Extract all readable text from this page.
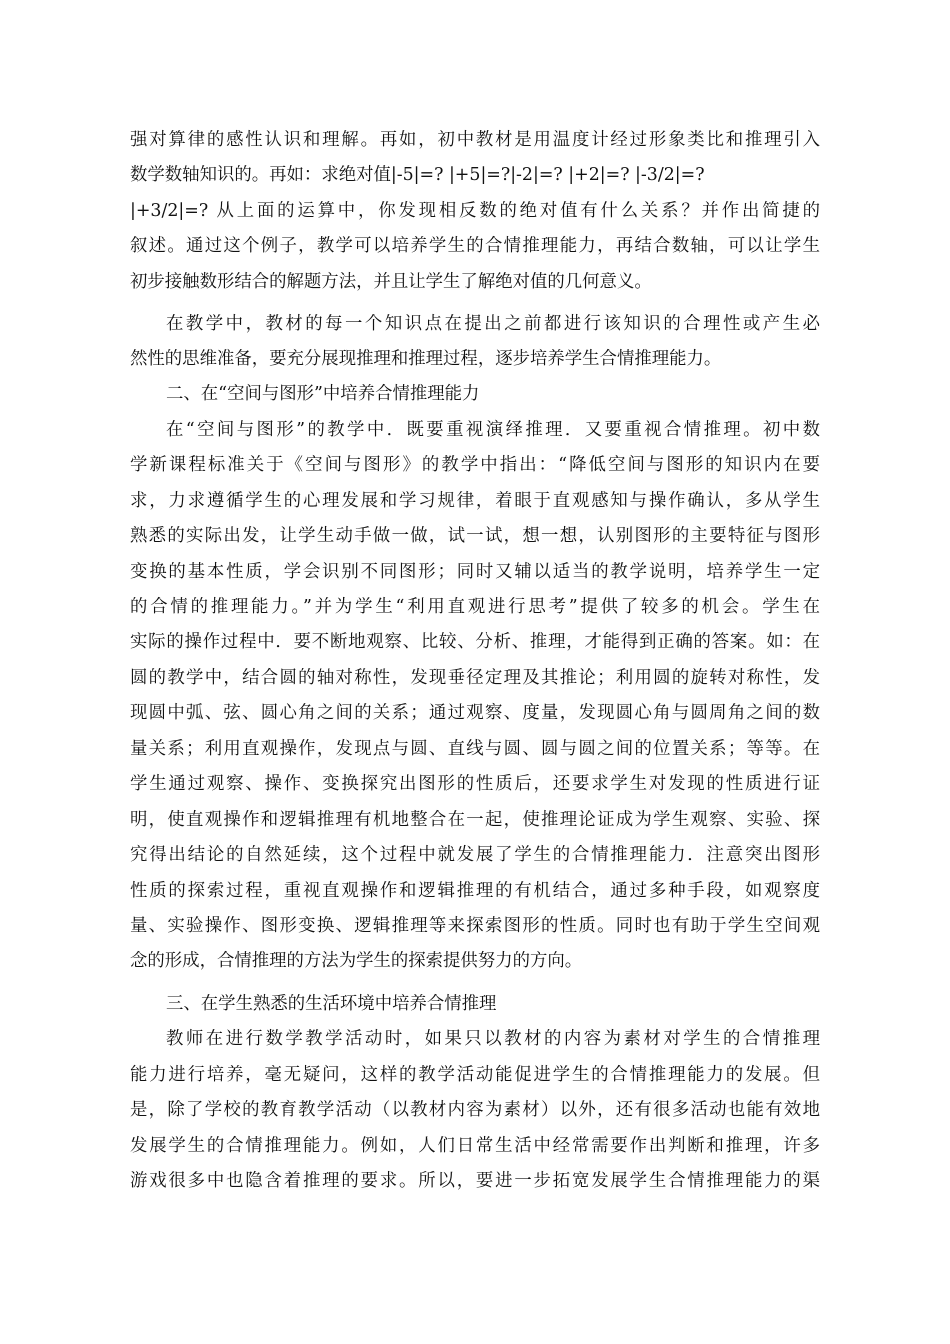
强对算律的感性认识和理解。再如，初中教材是用温度计经过形象类比和推理引入
数学数轴知识的。再如：求绝对值|-5|=? |+5|=?|-2|=? |+2|=? |-3/2|=?
|+3/2|=? 从上面的运算中，你发现相反数的绝对值有什么关系？并作出简捷的
叙述。通过这个例子，教学可以培养学生的合情推理能力，再结合数轴，可以让学生
初步接触数形结合的解题方法，并且让学生了解绝对值的几何意义。
在教学中，教材的每一个知识点在提出之前都进行该知识的合理性或产生必
然性的思维准备，要充分展现推理和推理过程，逐步培养学生合情推理能力。
二、在“空间与图形”中培养合情推理能力
在“空间与图形”的教学中．既要重视演绎推理．又要重视合情推理。初中数
学新课程标准关于《空间与图形》的教学中指出：“降低空间与图形的知识内在要
求，力求遵循学生的心理发展和学习规律，着眼于直观感知与操作确认，多从学生
熟悉的实际出发，让学生动手做一做，试一试，想一想，认别图形的主要特征与图形
变换的基本性质，学会识别不同图形；同时又辅以适当的教学说明，培养学生一定
的合情的推理能力。”并为学生“利用直观进行思考”提供了较多的机会。学生在
实际的操作过程中．要不断地观察、比较、分析、推理，才能得到正确的答案。如：在
圆的教学中，结合圆的轴对称性，发现垂径定理及其推论；利用圆的旋转对称性，发
现圆中弧、弦、圆心角之间的关系；通过观察、度量，发现圆心角与圆周角之间的数
量关系；利用直观操作，发现点与圆、直线与圆、圆与圆之间的位置关系；等等。在
学生通过观察、操作、变换探究出图形的性质后，还要求学生对发现的性质进行证
明，使直观操作和逻辑推理有机地整合在一起，使推理论证成为学生观察、实验、探
究得出结论的自然延续，这个过程中就发展了学生的合情推理能力．注意突出图形
性质的探索过程，重视直观操作和逻辑推理的有机结合，通过多种手段，如观察度
量、实验操作、图形变换、逻辑推理等来探索图形的性质。同时也有助于学生空间观
念的形成，合情推理的方法为学生的探索提供努力的方向。
三、在学生熟悉的生活环境中培养合情推理
教师在进行数学教学活动时，如果只以教材的内容为素材对学生的合情推理
能力进行培养，毫无疑问，这样的教学活动能促进学生的合情推理能力的发展。但
是，除了学校的教育教学活动（以教材内容为素材）以外，还有很多活动也能有效地
发展学生的合情推理能力。例如，人们日常生活中经常需要作出判断和推理，许多
游戏很多中也隐含着推理的要求。所以，要进一步拓宽发展学生合情推理能力的渠
